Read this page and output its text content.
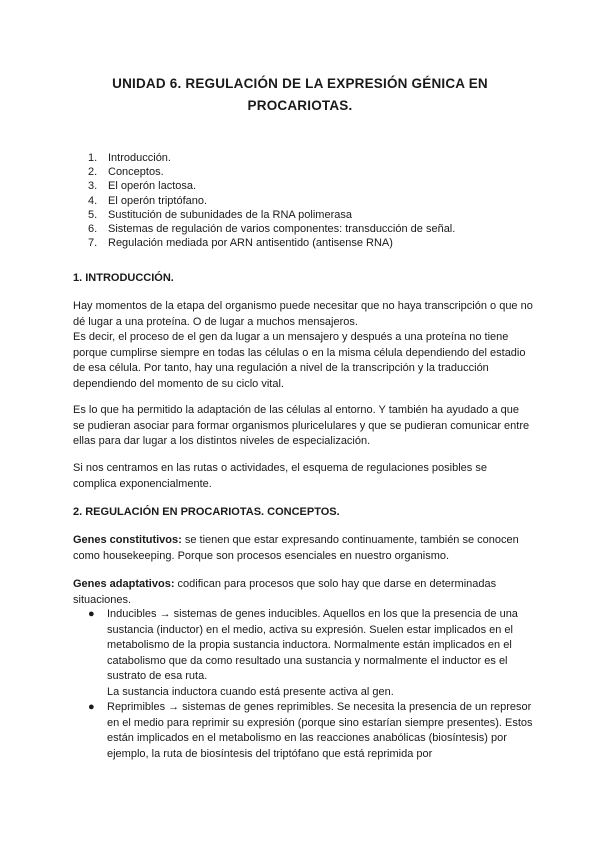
UNIDAD 6. REGULACIÓN DE LA EXPRESIÓN GÉNICA EN PROCARIOTAS.
1. Introducción.
2. Conceptos.
3. El operón lactosa.
4. El operón triptófano.
5. Sustitución de subunidades de la RNA polimerasa
6. Sistemas de regulación de varios componentes: transducción de señal.
7. Regulación mediada por ARN antisentido (antisense RNA)
1. INTRODUCCIÓN.

Hay momentos de la etapa del organismo puede necesitar que no haya transcripción o que no dé lugar a una proteína. O de lugar a muchos mensajeros.

Es decir, el proceso de el gen da lugar a un mensajero y después a una proteína no tiene porque cumplirse siempre en todas las células o en la misma célula dependiendo del estadio de esa célula. Por tanto, hay una regulación a nivel de la transcripción y la traducción dependiendo del momento de su ciclo vital.

Es lo que ha permitido la adaptación de las células al entorno. Y también ha ayudado a que se pudieran asociar para formar organismos pluricelulares y que se pudieran comunicar entre ellas para dar lugar a los distintos niveles de especialización.

Si nos centramos en las rutas o actividades, el esquema de regulaciones posibles se complica exponencialmente.

2. REGULACIÓN EN PROCARIOTAS. CONCEPTOS.

Genes constitutivos: se tienen que estar expresando continuamente, también se conocen como housekeeping. Porque son procesos esenciales en nuestro organismo.

Genes adaptativos: codifican para procesos que solo hay que darse en determinadas situaciones.

● Inducibles → sistemas de genes inducibles. Aquellos en los que la presencia de una sustancia (inductor) en el medio, activa su expresión. Suelen estar implicados en el metabolismo de la propia sustancia inductora. Normalmente están implicados en el catabolismo que da como resultado una sustancia y normalmente el inductor es el sustrato de esa ruta.
La sustancia inductora cuando está presente activa al gen.
● Reprimibles → sistemas de genes reprimibles. Se necesita la presencia de un represor en el medio para reprimir su expresión (porque sino estarían siempre presentes). Estos están implicados en el metabolismo en las reacciones anabólicas (biosíntesis) por ejemplo, la ruta de biosíntesis del triptófano que está reprimida por
